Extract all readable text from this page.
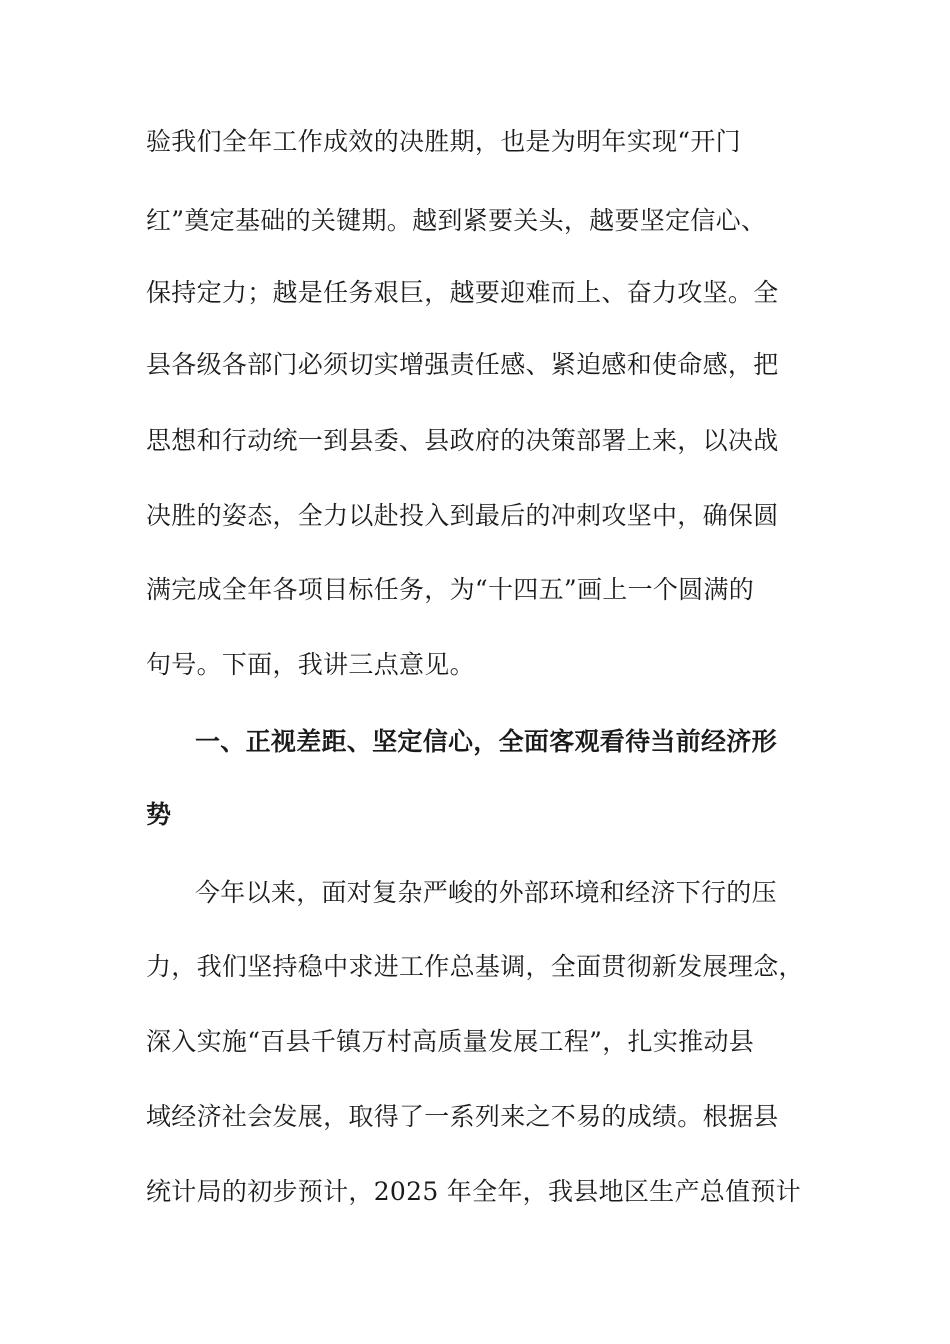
验我们全年工作成效的决胜期，也是为明年实现“开门
红”奠定基础的关键期。越到紧要关头，越要坚定信心、
保持定力；越是任务艰巨，越要迎难而上、奋力攻坚。全
县各级各部门必须切实增强责任感、紧迫感和使命感，把
思想和行动统一到县委、县政府的决策部署上来，以决战
决胜的姿态，全力以赴投入到最后的冲刺攻坚中，确保圆
满完成全年各项目标任务，为“十四五”画上一个圆满的
句号。下面，我讲三点意见。
一、正视差距、坚定信心，全面客观看待当前经济形
势
今年以来，面对复杂严峻的外部环境和经济下行的压
力，我们坚持稳中求进工作总基调，全面贯彻新发展理念，
深入实施“百县千镇万村高质量发展工程”，扎实推动县
域经济社会发展，取得了一系列来之不易的成绩。根据县
统计局的初步预计，2025 年全年，我县地区生产总值预计
